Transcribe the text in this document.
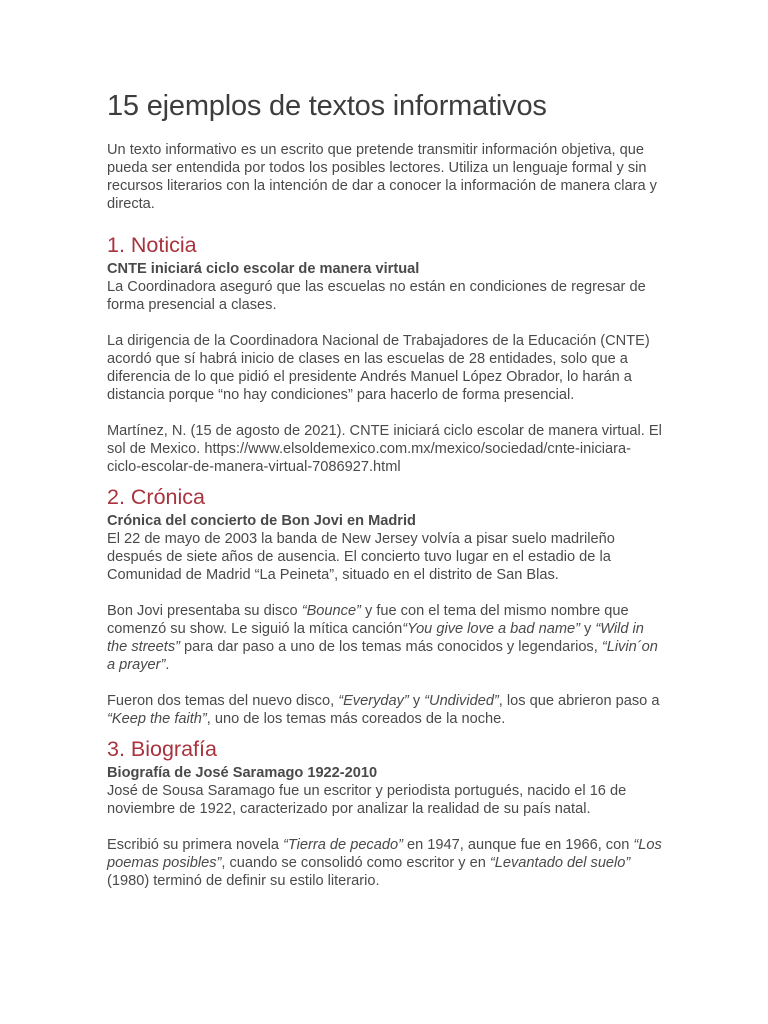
15 ejemplos de textos informativos

Un texto informativo es un escrito que pretende transmitir información objetiva, que pueda ser entendida por todos los posibles lectores. Utiliza un lenguaje formal y sin recursos literarios con la intención de dar a conocer la información de manera clara y directa.

1. Noticia

CNTE iniciará ciclo escolar de manera virtual

La Coordinadora aseguró que las escuelas no están en condiciones de regresar de forma presencial a clases.

La dirigencia de la Coordinadora Nacional de Trabajadores de la Educación (CNTE) acordó que sí habrá inicio de clases en las escuelas de 28 entidades, solo que a diferencia de lo que pidió el presidente Andrés Manuel López Obrador, lo harán a distancia porque “no hay condiciones” para hacerlo de forma presencial.

Martínez, N. (15 de agosto de 2021). CNTE iniciará ciclo escolar de manera virtual. El sol de Mexico. https://www.elsoldemexico.com.mx/mexico/sociedad/cnte-iniciara-ciclo-escolar-de-manera-virtual-7086927.html

2. Crónica

Crónica del concierto de Bon Jovi en Madrid

El 22 de mayo de 2003 la banda de New Jersey volvía a pisar suelo madrileño después de siete años de ausencia. El concierto tuvo lugar en el estadio de la Comunidad de Madrid “La Peineta”, situado en el distrito de San Blas.

Bon Jovi presentaba su disco “Bounce” y fue con el tema del mismo nombre que comenzó su show. Le siguió la mítica canción“You give love a bad name” y “Wild in the streets” para dar paso a uno de los temas más conocidos y legendarios, “Livin´on a prayer”.

Fueron dos temas del nuevo disco, “Everyday” y “Undivided”, los que abrieron paso a “Keep the faith”, uno de los temas más coreados de la noche.

3. Biografía

Biografía de José Saramago 1922-2010

José de Sousa Saramago fue un escritor y periodista portugués, nacido el 16 de noviembre de 1922, caracterizado por analizar la realidad de su país natal.

Escribió su primera novela “Tierra de pecado” en 1947, aunque fue en 1966, con “Los poemas posibles”, cuando se consolidó como escritor y en “Levantado del suelo” (1980) terminó de definir su estilo literario.
